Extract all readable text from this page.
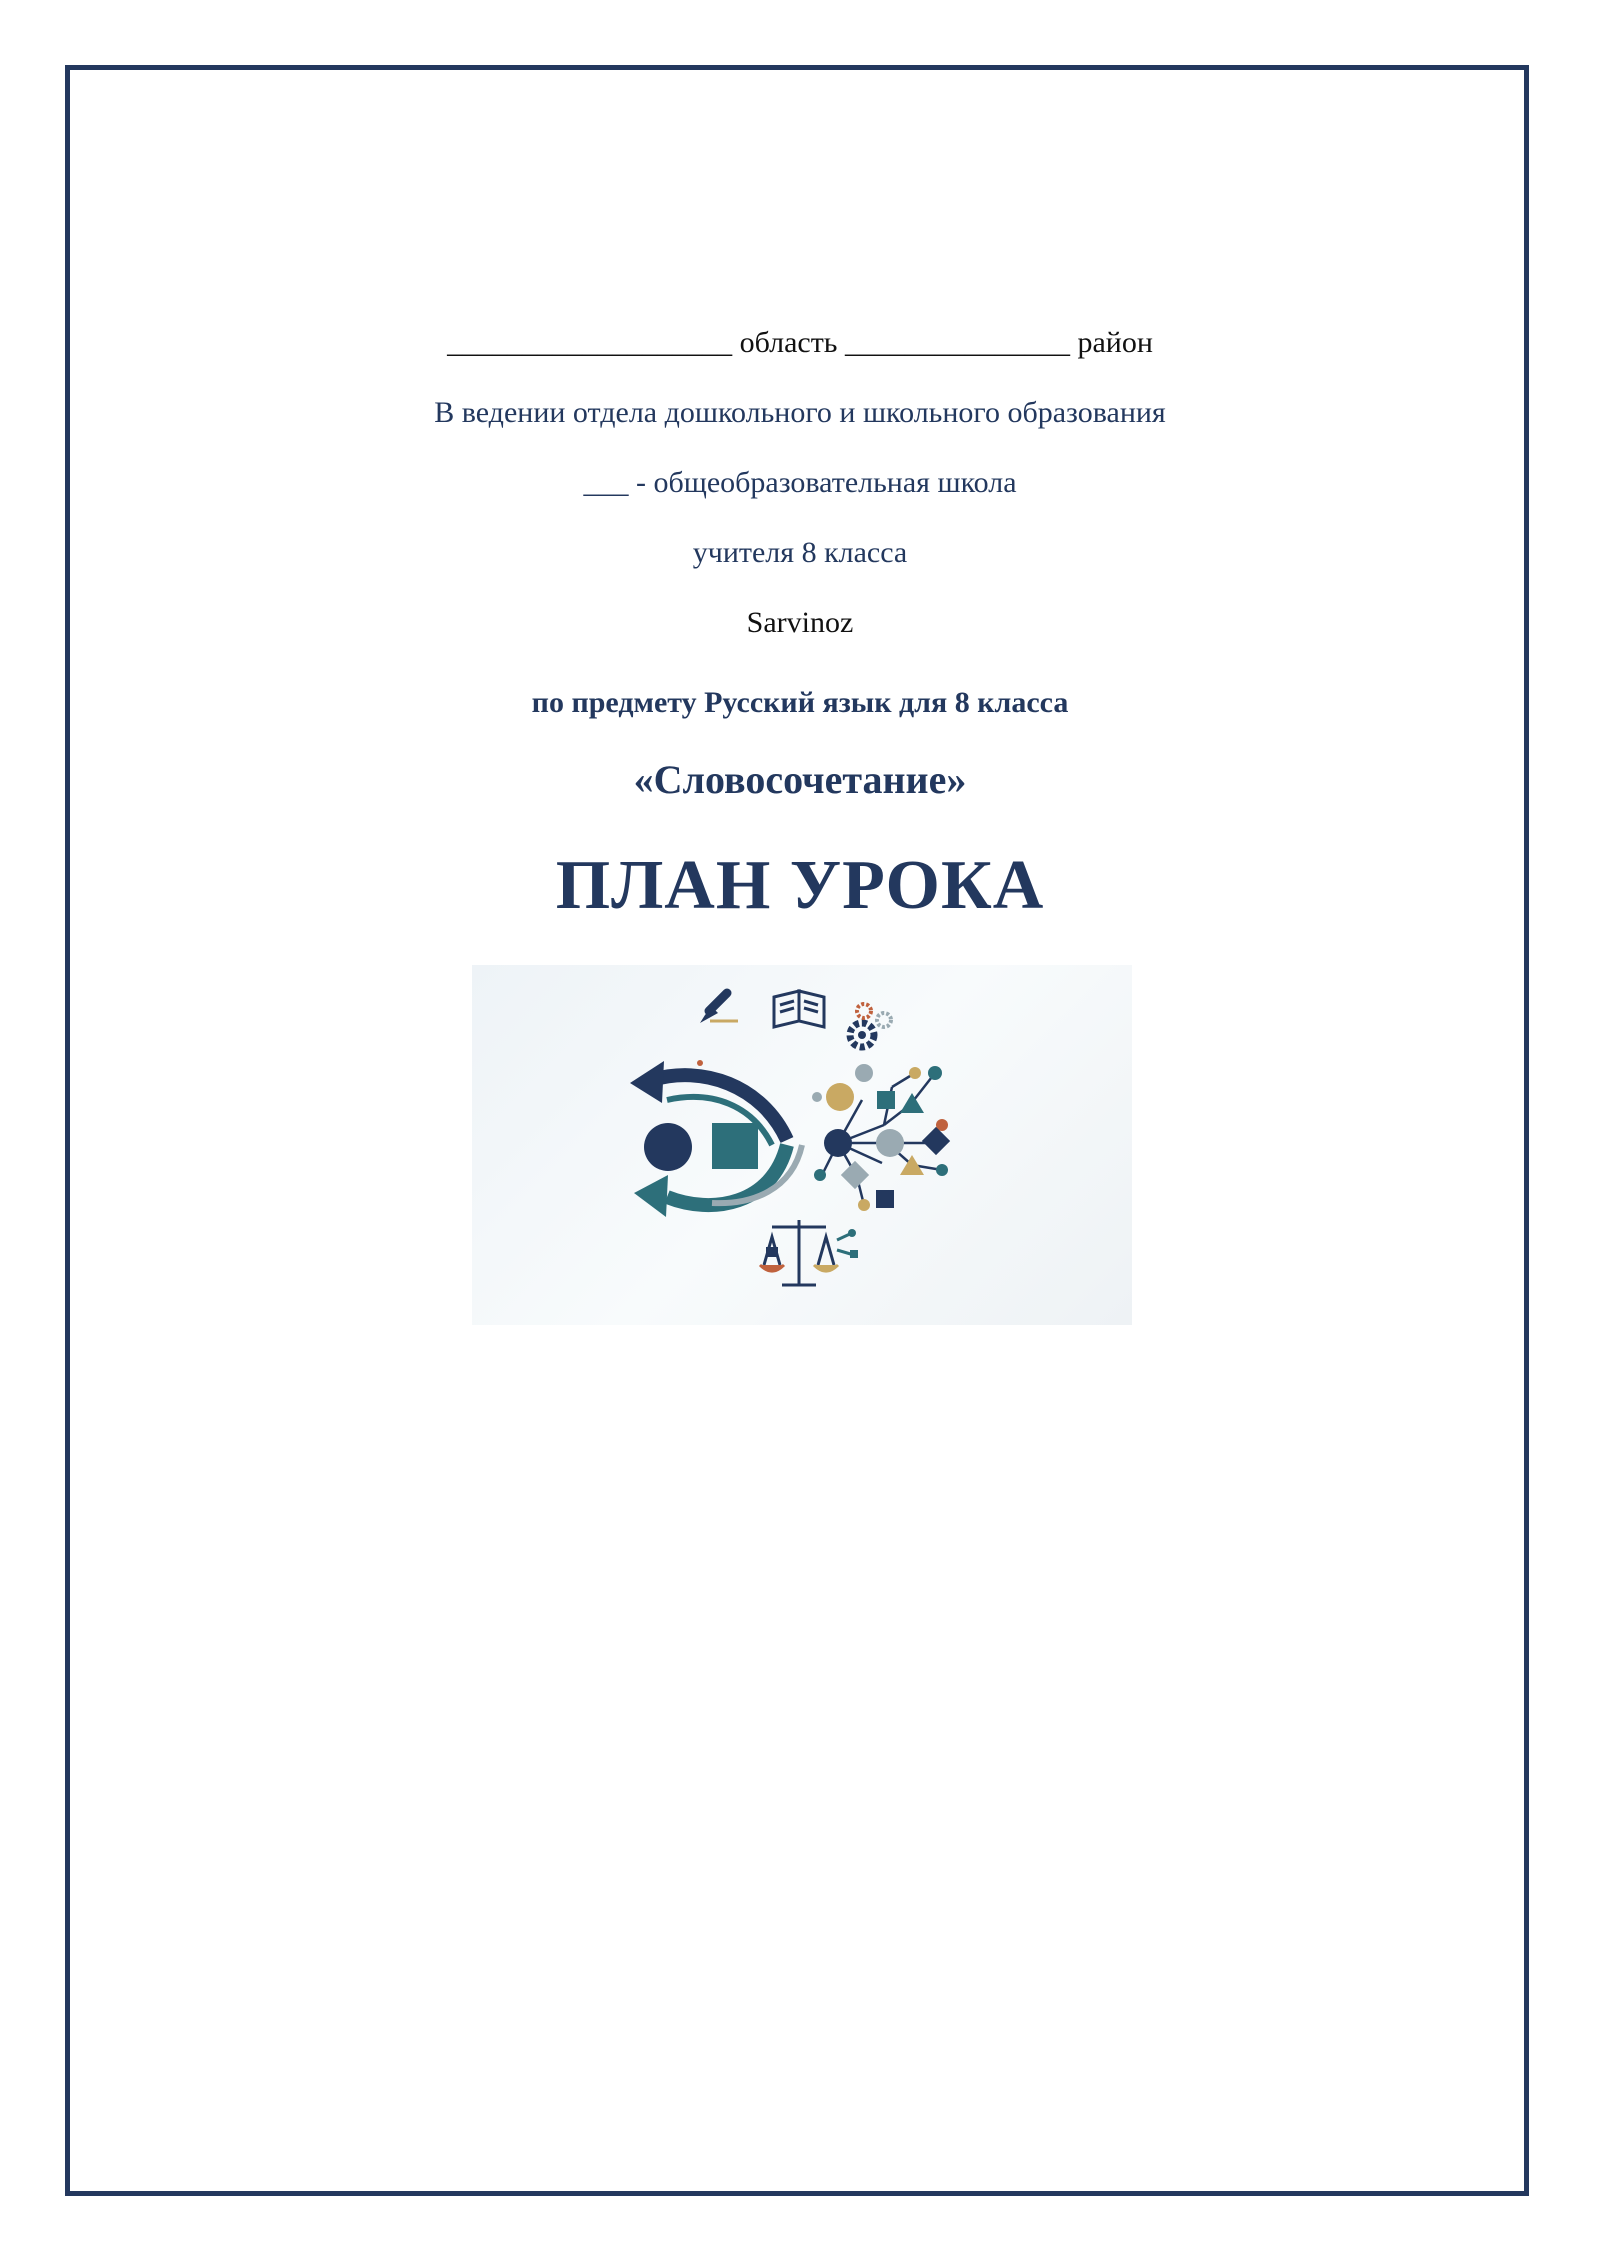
___________________ область _______________ район
В ведении отдела дошкольного и школьного образования
___ - общеобразовательная школа
учителя 8 класса
Sarvinoz
по предмету Русский язык для 8 класса
«Словосочетание»
ПЛАН УРОКА
